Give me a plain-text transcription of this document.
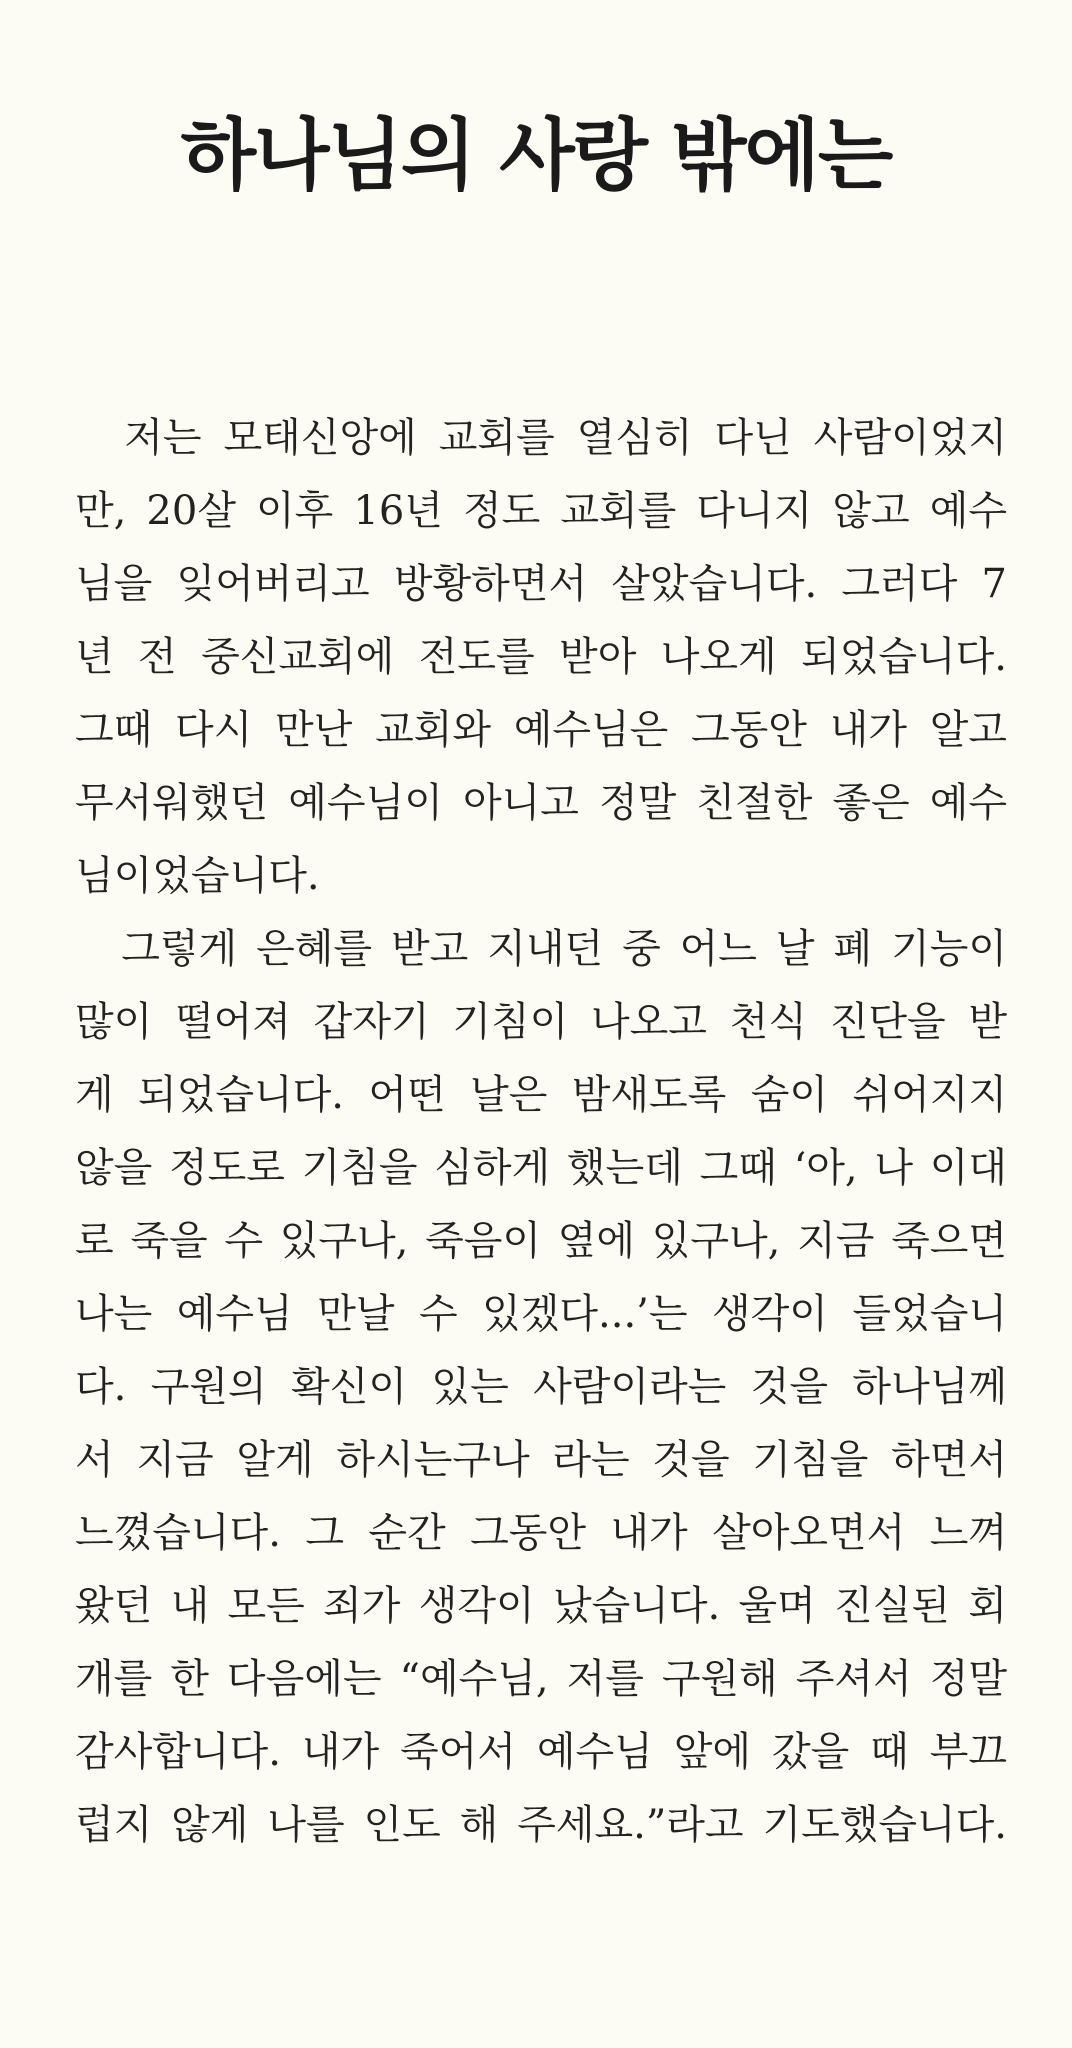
하나님의 사랑 밖에는
　저는 모태신앙에 교회를 열심히 다닌 사람이었지
만, 20살 이후 16년 정도 교회를 다니지 않고 예수
님을 잊어버리고 방황하면서 살았습니다. 그러다 7
년 전 중신교회에 전도를 받아 나오게 되었습니다.
그때 다시 만난 교회와 예수님은 그동안 내가 알고
무서워했던 예수님이 아니고 정말 친절한 좋은 예수
님이었습니다.
　그렇게 은혜를 받고 지내던 중 어느 날 폐 기능이
많이 떨어져 갑자기 기침이 나오고 천식 진단을 받
게 되었습니다. 어떤 날은 밤새도록 숨이 쉬어지지
않을 정도로 기침을 심하게 했는데 그때 ‘아, 나 이대
로 죽을 수 있구나, 죽음이 옆에 있구나, 지금 죽으면
나는 예수님 만날 수 있겠다...’는 생각이 들었습니
다. 구원의 확신이 있는 사람이라는 것을 하나님께
서 지금 알게 하시는구나 라는 것을 기침을 하면서
느꼈습니다. 그 순간 그동안 내가 살아오면서 느껴
왔던 내 모든 죄가 생각이 났습니다. 울며 진실된 회
개를 한 다음에는 “예수님, 저를 구원해 주셔서 정말
감사합니다. 내가 죽어서 예수님 앞에 갔을 때 부끄
럽지 않게 나를 인도 해 주세요.”라고 기도했습니다.
